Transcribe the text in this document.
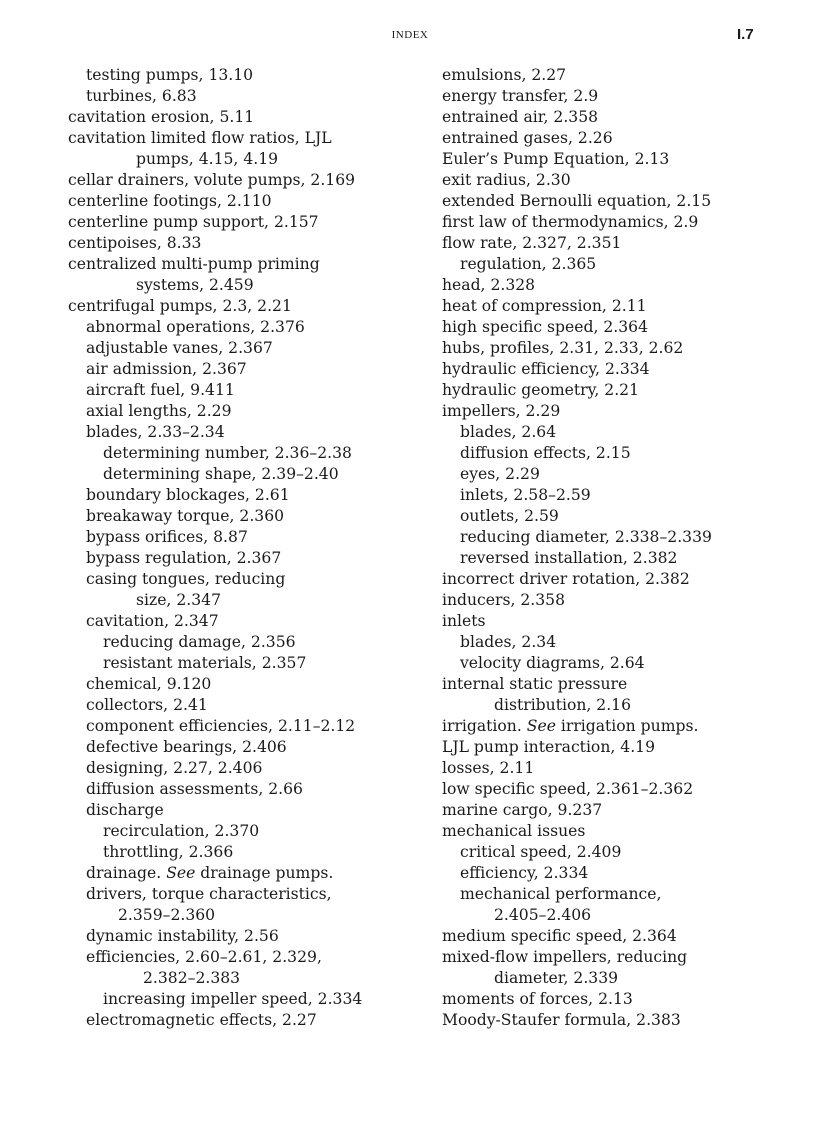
INDEX	I.7
testing pumps, 13.10
turbines, 6.83
cavitation erosion, 5.11
cavitation limited flow ratios, LJL
pumps, 4.15, 4.19
cellar drainers, volute pumps, 2.169
centerline footings, 2.110
centerline pump support, 2.157
centipoises, 8.33
centralized multi-pump priming
systems, 2.459
centrifugal pumps, 2.3, 2.21
abnormal operations, 2.376
adjustable vanes, 2.367
air admission, 2.367
aircraft fuel, 9.411
axial lengths, 2.29
blades, 2.33–2.34
determining number, 2.36–2.38
determining shape, 2.39–2.40
boundary blockages, 2.61
breakaway torque, 2.360
bypass orifices, 8.87
bypass regulation, 2.367
casing tongues, reducing
size, 2.347
cavitation, 2.347
reducing damage, 2.356
resistant materials, 2.357
chemical, 9.120
collectors, 2.41
component efficiencies, 2.11–2.12
defective bearings, 2.406
designing, 2.27, 2.406
diffusion assessments, 2.66
discharge
recirculation, 2.370
throttling, 2.366
drainage. See drainage pumps.
drivers, torque characteristics,
2.359–2.360
dynamic instability, 2.56
efficiencies, 2.60–2.61, 2.329,
2.382–2.383
increasing impeller speed, 2.334
electromagnetic effects, 2.27
emulsions, 2.27
energy transfer, 2.9
entrained air, 2.358
entrained gases, 2.26
Euler’s Pump Equation, 2.13
exit radius, 2.30
extended Bernoulli equation, 2.15
first law of thermodynamics, 2.9
flow rate, 2.327, 2.351
regulation, 2.365
head, 2.328
heat of compression, 2.11
high specific speed, 2.364
hubs, profiles, 2.31, 2.33, 2.62
hydraulic efficiency, 2.334
hydraulic geometry, 2.21
impellers, 2.29
blades, 2.64
diffusion effects, 2.15
eyes, 2.29
inlets, 2.58–2.59
outlets, 2.59
reducing diameter, 2.338–2.339
reversed installation, 2.382
incorrect driver rotation, 2.382
inducers, 2.358
inlets
blades, 2.34
velocity diagrams, 2.64
internal static pressure
distribution, 2.16
irrigation. See irrigation pumps.
LJL pump interaction, 4.19
losses, 2.11
low specific speed, 2.361–2.362
marine cargo, 9.237
mechanical issues
critical speed, 2.409
efficiency, 2.334
mechanical performance,
2.405–2.406
medium specific speed, 2.364
mixed-flow impellers, reducing
diameter, 2.339
moments of forces, 2.13
Moody-Staufer formula, 2.383
